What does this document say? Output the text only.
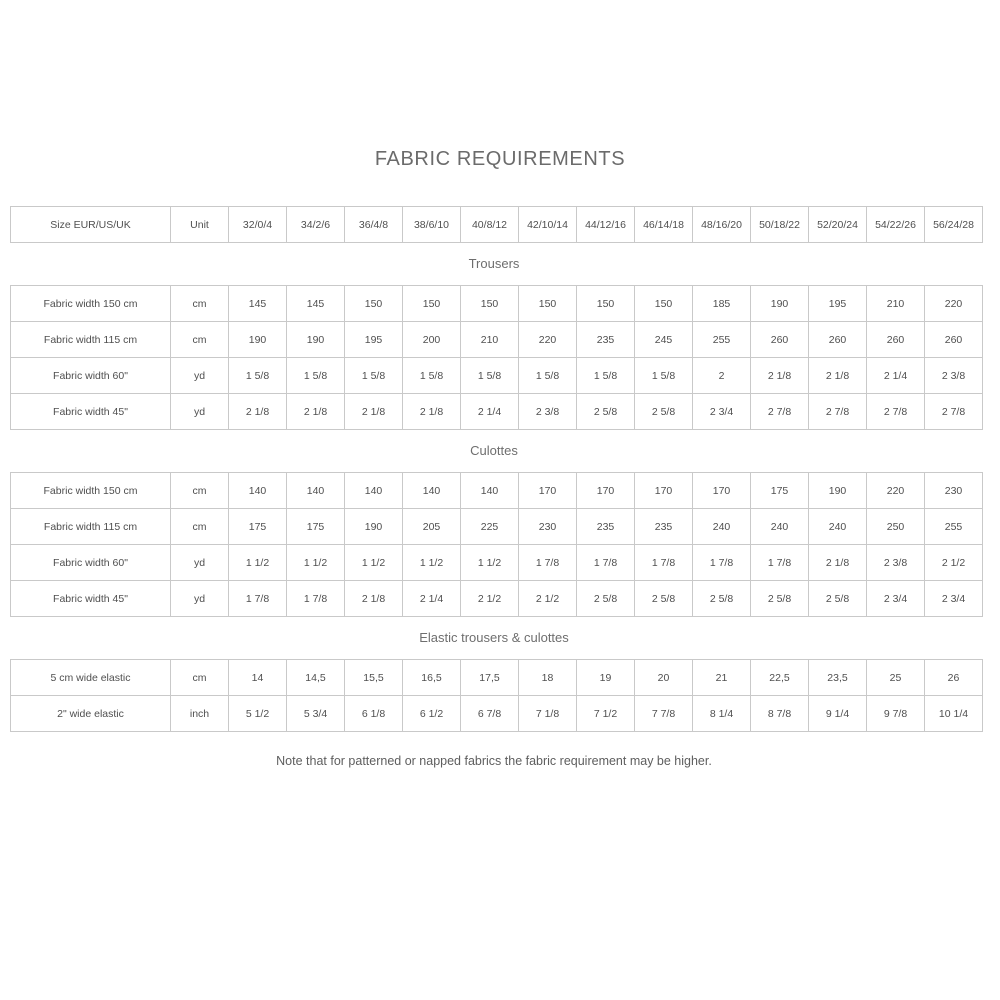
FABRIC REQUIREMENTS
Size EUR/US/UK	Unit	32/0/4	34/2/6	36/4/8	38/6/10	40/8/12	42/10/14	44/12/16	46/14/18	48/16/20	50/18/22	52/20/24	54/22/26	56/24/28
Trousers
Fabric width 150 cm	cm	145	145	150	150	150	150	150	150	185	190	195	210	220
Fabric width 115 cm	cm	190	190	195	200	210	220	235	245	255	260	260	260	260
Fabric width 60"	yd	1 5/8	1 5/8	1 5/8	1 5/8	1 5/8	1 5/8	1 5/8	1 5/8	2	2 1/8	2 1/8	2 1/4	2 3/8
Fabric width 45"	yd	2 1/8	2 1/8	2 1/8	2 1/8	2 1/4	2 3/8	2 5/8	2 5/8	2 3/4	2 7/8	2 7/8	2 7/8	2 7/8
Culottes
Fabric width 150 cm	cm	140	140	140	140	140	170	170	170	170	175	190	220	230
Fabric width 115 cm	cm	175	175	190	205	225	230	235	235	240	240	240	250	255
Fabric width 60"	yd	1 1/2	1 1/2	1 1/2	1 1/2	1 1/2	1 7/8	1 7/8	1 7/8	1 7/8	1 7/8	2 1/8	2 3/8	2 1/2
Fabric width 45"	yd	1 7/8	1 7/8	2 1/8	2 1/4	2 1/2	2 1/2	2 5/8	2 5/8	2 5/8	2 5/8	2 5/8	2 3/4	2 3/4
Elastic trousers & culottes
5 cm wide elastic	cm	14	14,5	15,5	16,5	17,5	18	19	20	21	22,5	23,5	25	26
2" wide elastic	inch	5 1/2	5 3/4	6 1/8	6 1/2	6 7/8	7 1/8	7 1/2	7 7/8	8 1/4	8 7/8	9 1/4	9 7/8	10 1/4
Note that for patterned or napped fabrics the fabric requirement may be higher.
